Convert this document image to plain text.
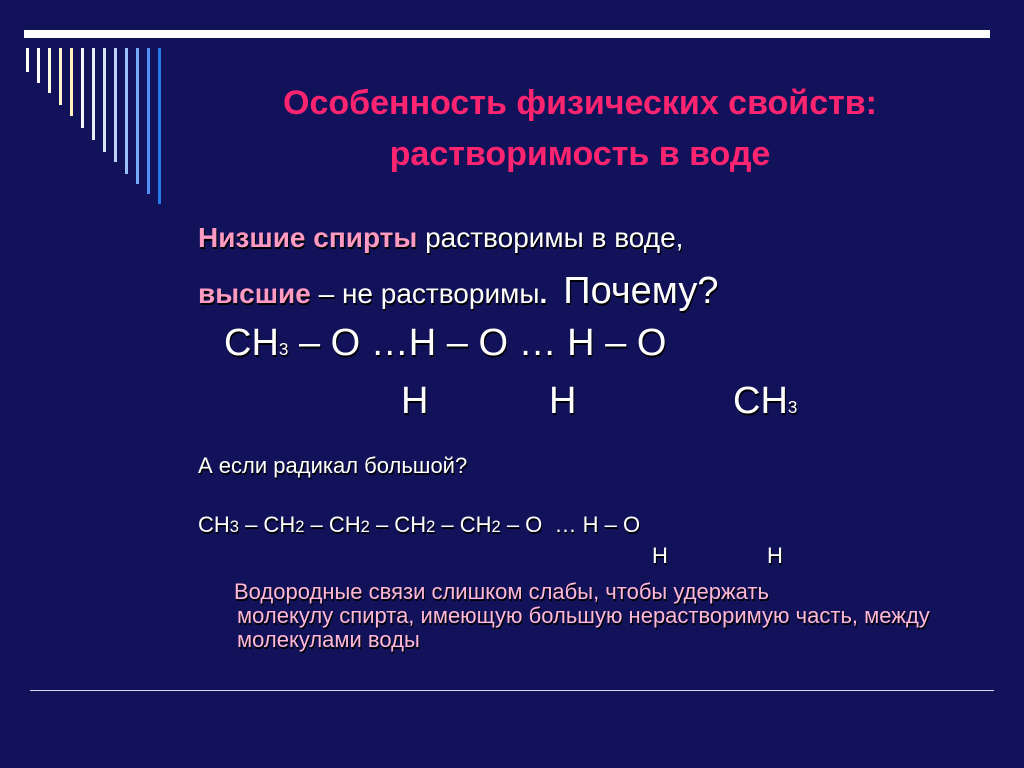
Особенность физических свойств: растворимость в воде
Низшие спирты растворимы в воде,
высшие – не растворимы. Почему?
CH3 – O …H – O … H – O
H	H	CH3
А если радикал большой?
CH3 – CH2 – CH2 – CH2 – CH2 – O  … H – O
H	H
Водородные связи слишком слабы, чтобы удержать
молекулу спирта, имеющую большую нерастворимую часть, между молекулами воды
